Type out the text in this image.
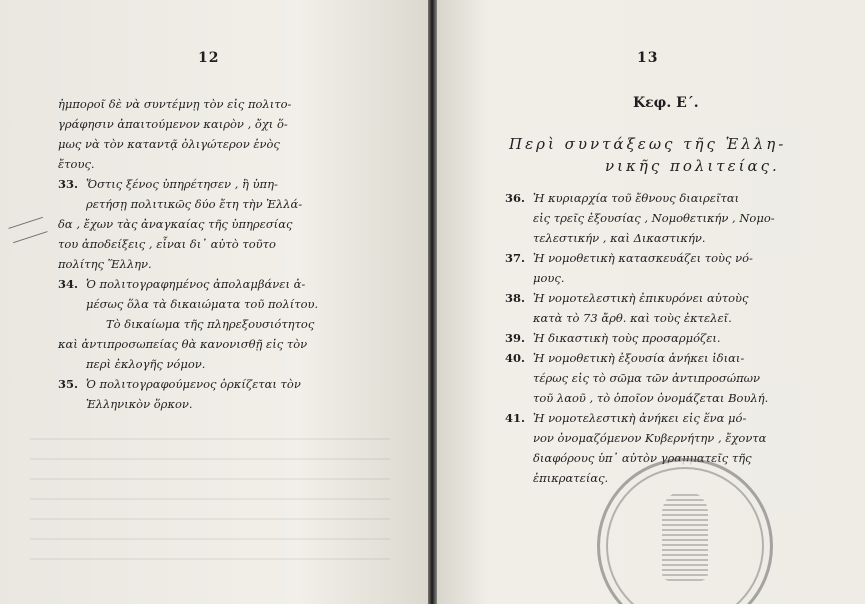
12
ἠμποροῖ δὲ νὰ συντέμνῃ τὸν εἰς πολιτο-
γράφησιν ἀπαιτούμενον καιρὸν , ὄχι ὅ-
μως νὰ τὸν καταντᾷ ὀλιγώτερον ἑνὸς
ἔτους.
33. Ὅστις ξένος ὑπηρέτησεν , ἢ ὑπη-
ρετήσῃ πολιτικῶς δύο ἔτη τὴν Ἑλλά-
δα , ἔχων τὰς ἀναγκαίας τῆς ὑπηρεσίας
του ἀποδείξεις , εἶναι δι᾽ αὐτὸ τοῦτο
πολίτης Ἕλλην.
34. Ὁ πολιτογραφημένος ἀπολαμβάνει ἀ-
μέσως ὅλα τὰ δικαιώματα τοῦ πολίτου.
Τὸ δικαίωμα τῆς πληρεξουσιότητος
καὶ ἀντιπροσωπείας θὰ κανονισθῇ εἰς τὸν
περὶ ἐκλογῆς νόμον.
35. Ὁ πολιτογραφούμενος ὁρκίζεται τὸν
Ἑλληνικὸν ὅρκον.
13
Κεφ. Ε΄.
Περὶ συντάξεως τῆς Ἑλλη-
νικῆς πολιτείας.
36. Ἡ κυριαρχία τοῦ ἔθνους διαιρεῖται
εἰς τρεῖς ἐξουσίας , Νομοθετικήν , Νομο-
τελεστικήν , καὶ Δικαστικήν.
37. Ἡ νομοθετικὴ κατασκευάζει τοὺς νό-
μους.
38. Ἡ νομοτελεστικὴ ἐπικυρόνει αὐτοὺς
κατὰ τὸ 73 ἄρθ. καὶ τοὺς ἐκτελεῖ.
39. Ἡ δικαστικὴ τοὺς προσαρμόζει.
40. Ἡ νομοθετικὴ ἐξουσία ἀνήκει ἰδιαι-
τέρως εἰς τὸ σῶμα τῶν ἀντιπροσώπων
τοῦ λαοῦ , τὸ ὁποῖον ὀνομάζεται Βουλή.
41. Ἡ νομοτελεστικὴ ἀνήκει εἰς ἕνα μό-
νον ὀνομαζόμενον Κυβερνήτην , ἔχοντα
διαφόρους ὑπ᾽ αὐτὸν γραμματεῖς τῆς
ἐπικρατείας.
